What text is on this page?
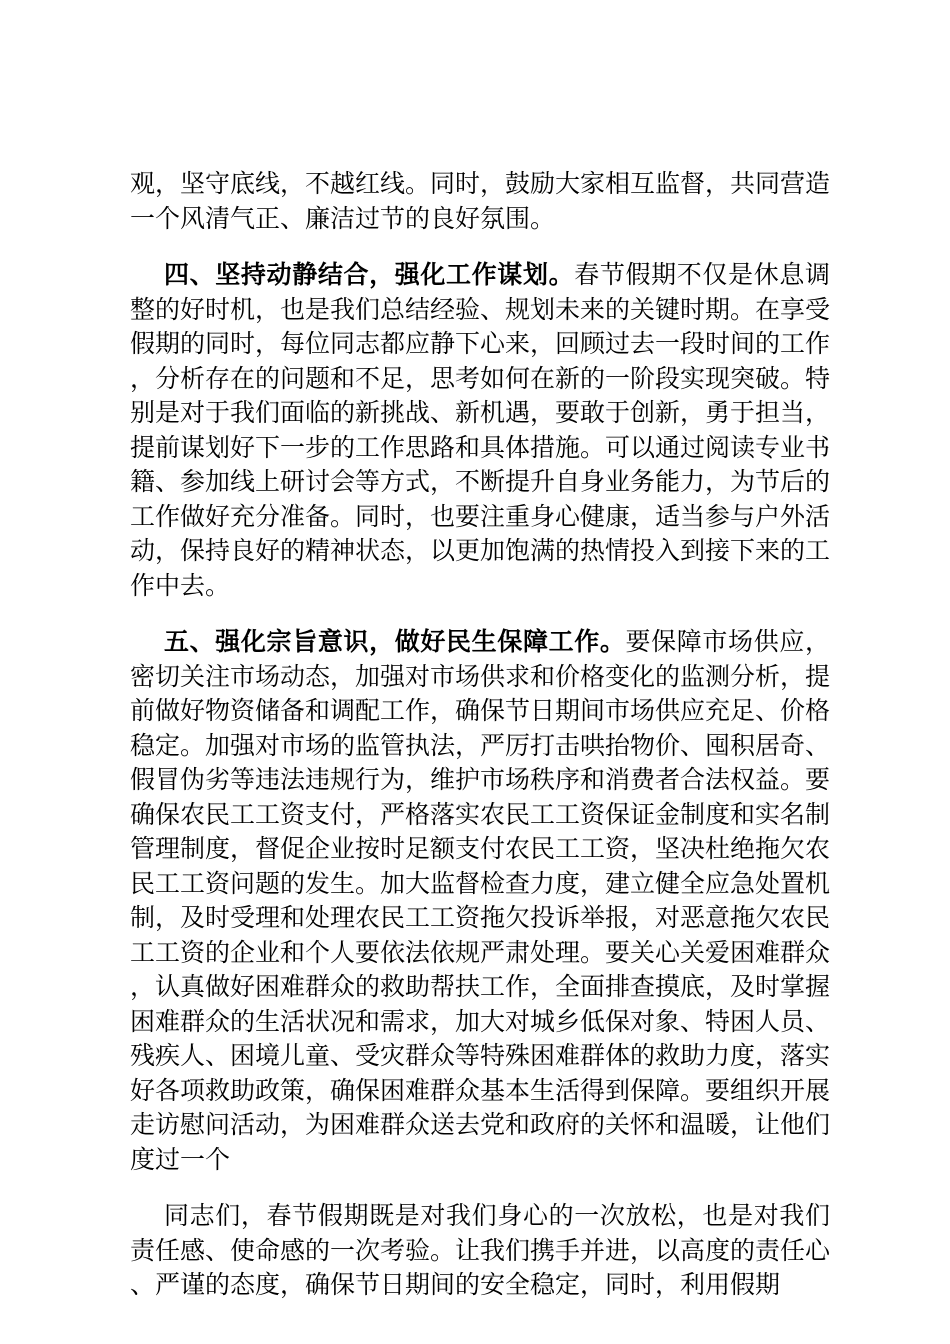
观，坚守底线，不越红线。同时，鼓励大家相互监督，共同营造一个风清气正、廉洁过节的良好氛围。

四、坚持动静结合，强化工作谋划。春节假期不仅是休息调整的好时机，也是我们总结经验、规划未来的关键时期。在享受假期的同时，每位同志都应静下心来，回顾过去一段时间的工作，分析存在的问题和不足，思考如何在新的一阶段实现突破。特别是对于我们面临的新挑战、新机遇，要敢于创新，勇于担当，提前谋划好下一步的工作思路和具体措施。可以通过阅读专业书籍、参加线上研讨会等方式，不断提升自身业务能力，为节后的工作做好充分准备。同时，也要注重身心健康，适当参与户外活动，保持良好的精神状态，以更加饱满的热情投入到接下来的工作中去。

五、强化宗旨意识，做好民生保障工作。要保障市场供应，密切关注市场动态，加强对市场供求和价格变化的监测分析，提前做好物资储备和调配工作，确保节日期间市场供应充足、价格稳定。加强对市场的监管执法，严厉打击哄抬物价、囤积居奇、假冒伪劣等违法违规行为，维护市场秩序和消费者合法权益。要确保农民工工资支付，严格落实农民工工资保证金制度和实名制管理制度，督促企业按时足额支付农民工工资，坚决杜绝拖欠农民工工资问题的发生。加大监督检查力度，建立健全应急处置机制，及时受理和处理农民工工资拖欠投诉举报，对恶意拖欠农民工工资的企业和个人要依法依规严肃处理。要关心关爱困难群众，认真做好困难群众的救助帮扶工作，全面排查摸底，及时掌握困难群众的生活状况和需求，加大对城乡低保对象、特困人员、残疾人、困境儿童、受灾群众等特殊困难群体的救助力度，落实好各项救助政策，确保困难群众基本生活得到保障。要组织开展走访慰问活动，为困难群众送去党和政府的关怀和温暖，让他们度过一个

同志们，春节假期既是对我们身心的一次放松，也是对我们责任感、使命感的一次考验。让我们携手并进，以高度的责任心、严谨的态度，确保节日期间的安全稳定，同时，利用假期
